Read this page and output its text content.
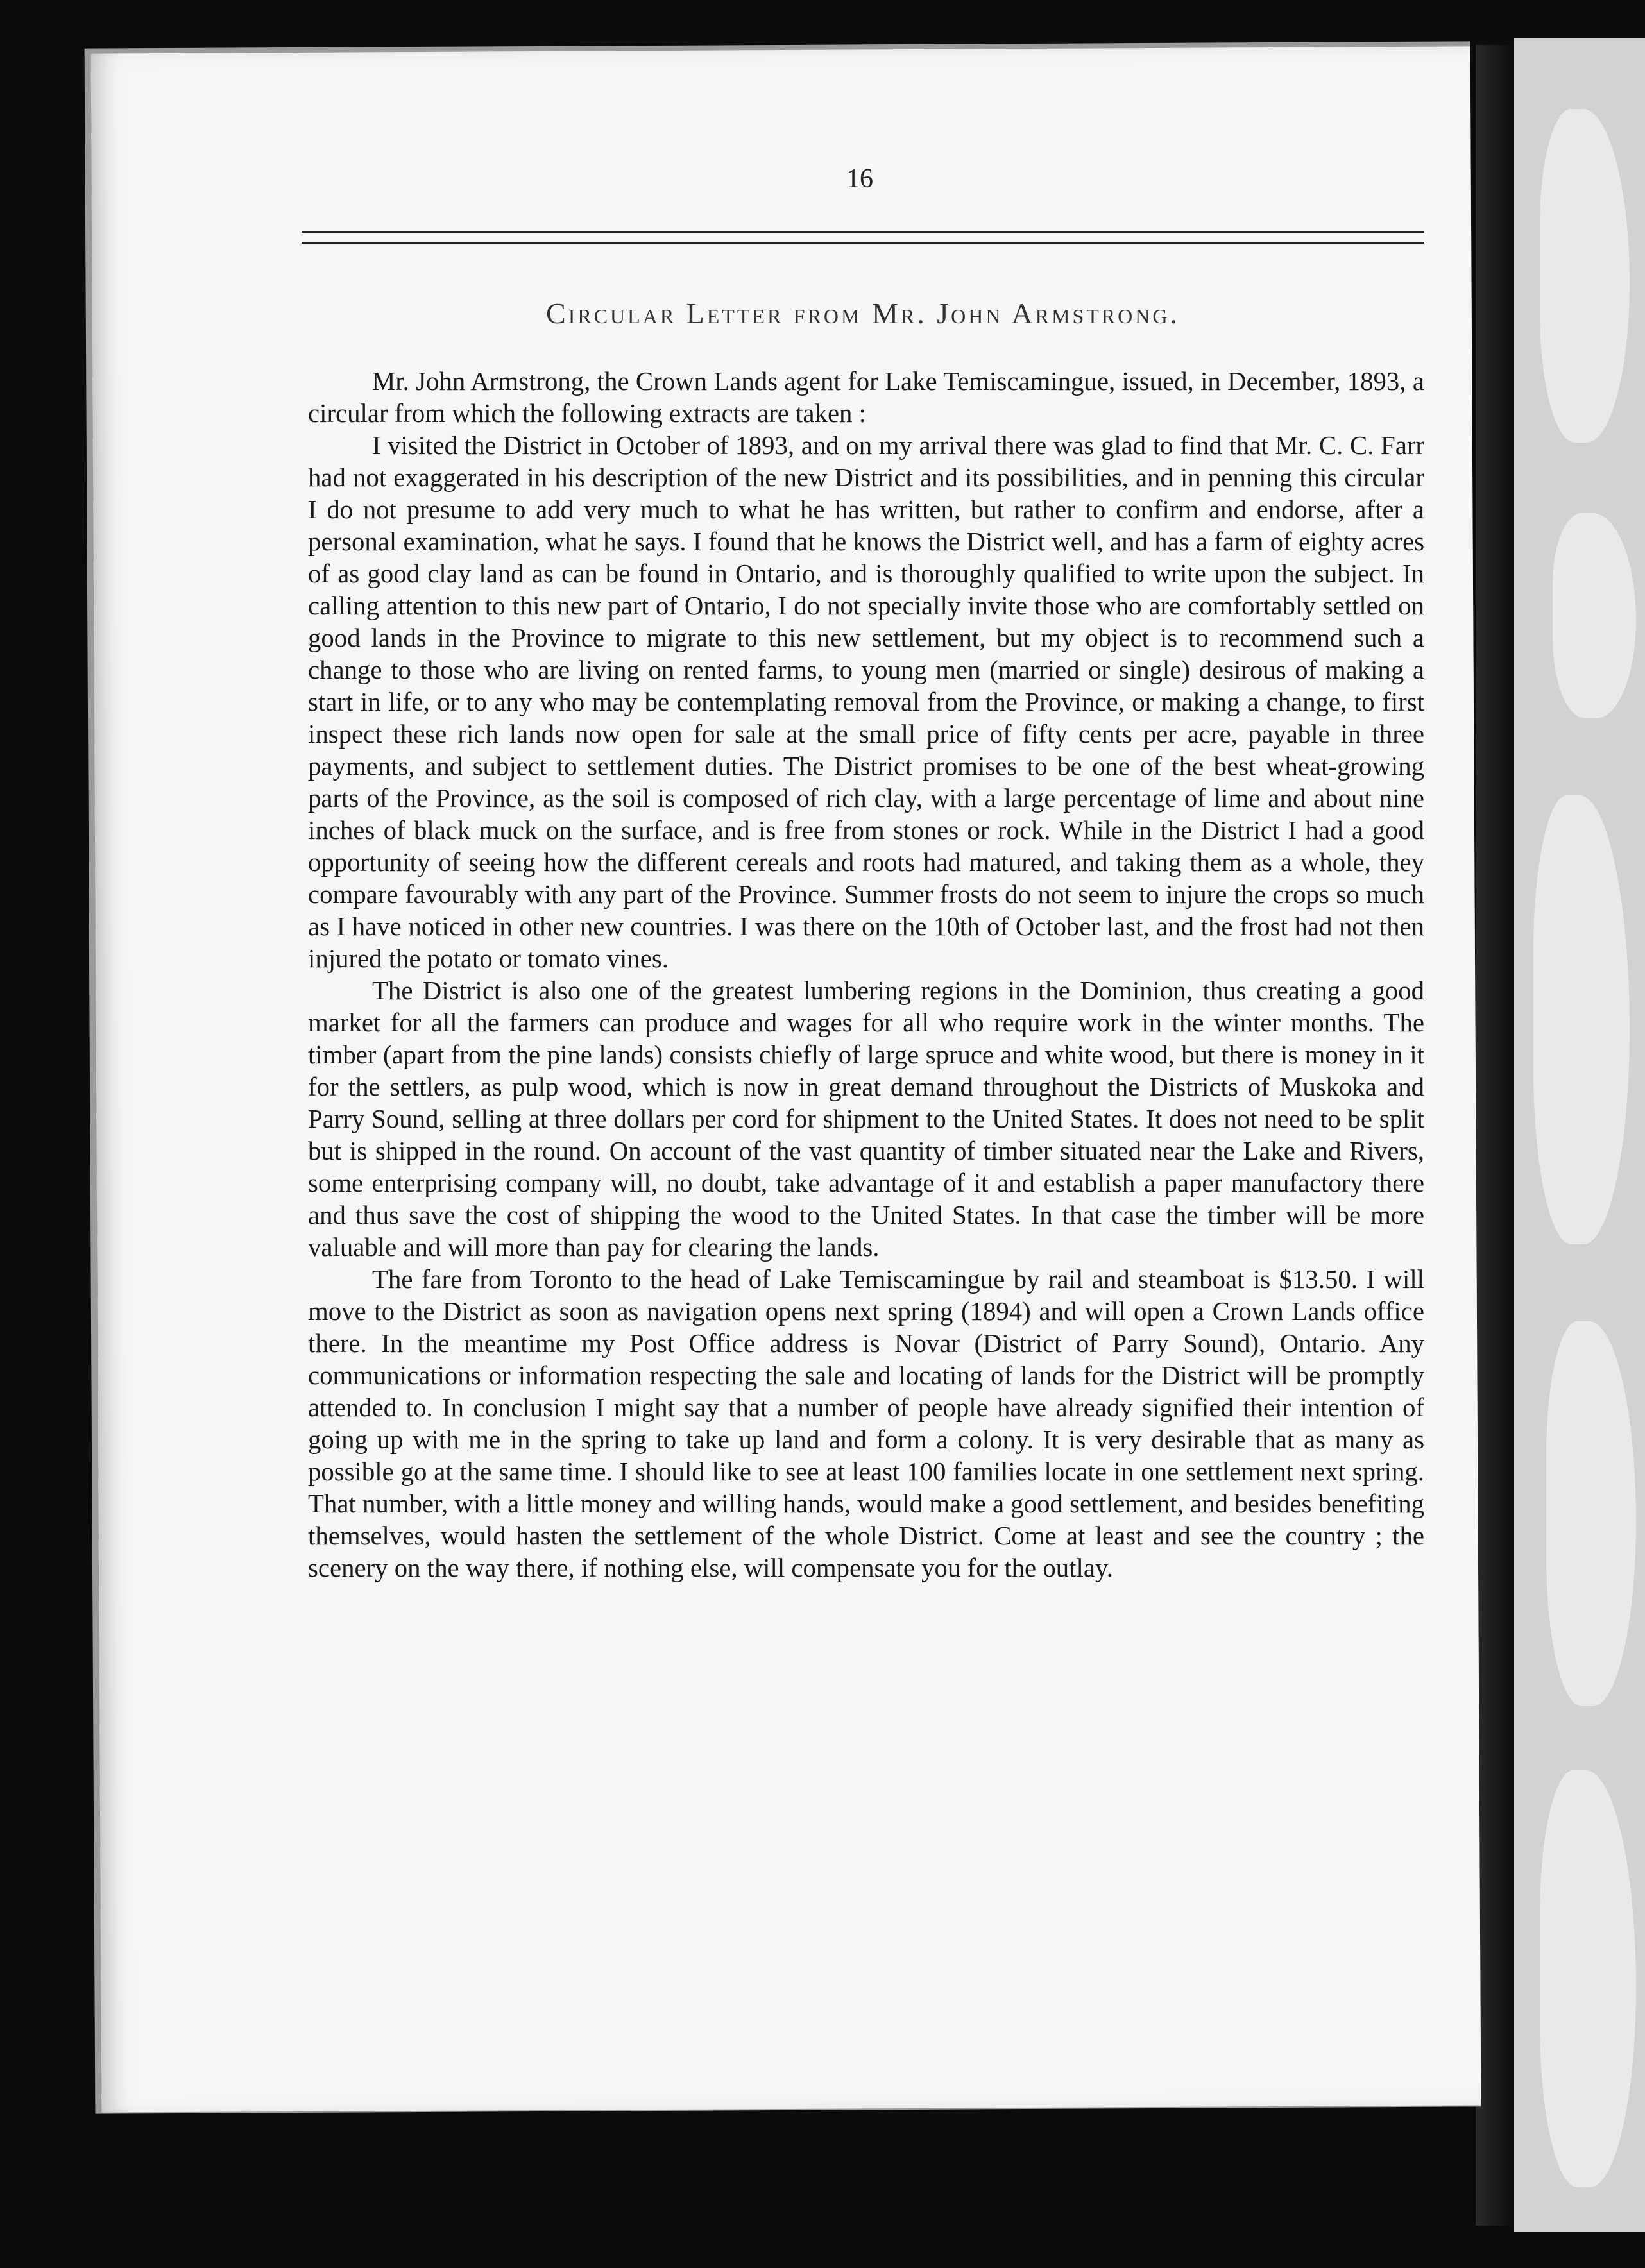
16
Circular Letter from Mr. John Armstrong.

Mr. John Armstrong, the Crown Lands agent for Lake Temiscamingue, issued, in December, 1893, a circular from which the following extracts are taken :

I visited the District in October of 1893, and on my arrival there was glad to find that Mr. C. C. Farr had not exaggerated in his description of the new District and its possibilities, and in penning this circular I do not presume to add very much to what he has written, but rather to confirm and endorse, after a personal examination, what he says. I found that he knows the District well, and has a farm of eighty acres of as good clay land as can be found in Ontario, and is thoroughly qualified to write upon the subject. In calling attention to this new part of Ontario, I do not specially invite those who are comfortably settled on good lands in the Province to migrate to this new settlement, but my object is to recommend such a change to those who are living on rented farms, to young men (married or single) desirous of making a start in life, or to any who may be contemplating removal from the Province, or making a change, to first inspect these rich lands now open for sale at the small price of fifty cents per acre, payable in three payments, and subject to settlement duties. The District promises to be one of the best wheat-growing parts of the Province, as the soil is composed of rich clay, with a large percentage of lime and about nine inches of black muck on the surface, and is free from stones or rock. While in the District I had a good opportunity of seeing how the different cereals and roots had matured, and taking them as a whole, they compare favourably with any part of the Province. Summer frosts do not seem to injure the crops so much as I have noticed in other new countries. I was there on the 10th of October last, and the frost had not then injured the potato or tomato vines.

The District is also one of the greatest lumbering regions in the Dominion, thus creating a good market for all the farmers can produce and wages for all who require work in the winter months. The timber (apart from the pine lands) consists chiefly of large spruce and white wood, but there is money in it for the settlers, as pulp wood, which is now in great demand throughout the Districts of Muskoka and Parry Sound, selling at three dollars per cord for shipment to the United States. It does not need to be split but is shipped in the round. On account of the vast quantity of timber situated near the Lake and Rivers, some enterprising company will, no doubt, take advantage of it and establish a paper manufactory there and thus save the cost of shipping the wood to the United States. In that case the timber will be more valuable and will more than pay for clearing the lands.

The fare from Toronto to the head of Lake Temiscamingue by rail and steamboat is $13.50. I will move to the District as soon as navigation opens next spring (1894) and will open a Crown Lands office there. In the meantime my Post Office address is Novar (District of Parry Sound), Ontario. Any communications or information respecting the sale and locating of lands for the District will be promptly attended to. In conclusion I might say that a number of people have already signified their intention of going up with me in the spring to take up land and form a colony. It is very desirable that as many as possible go at the same time. I should like to see at least 100 families locate in one settlement next spring. That number, with a little money and willing hands, would make a good settlement, and besides benefiting themselves, would hasten the settlement of the whole District. Come at least and see the country ; the scenery on the way there, if nothing else, will compensate you for the outlay.
